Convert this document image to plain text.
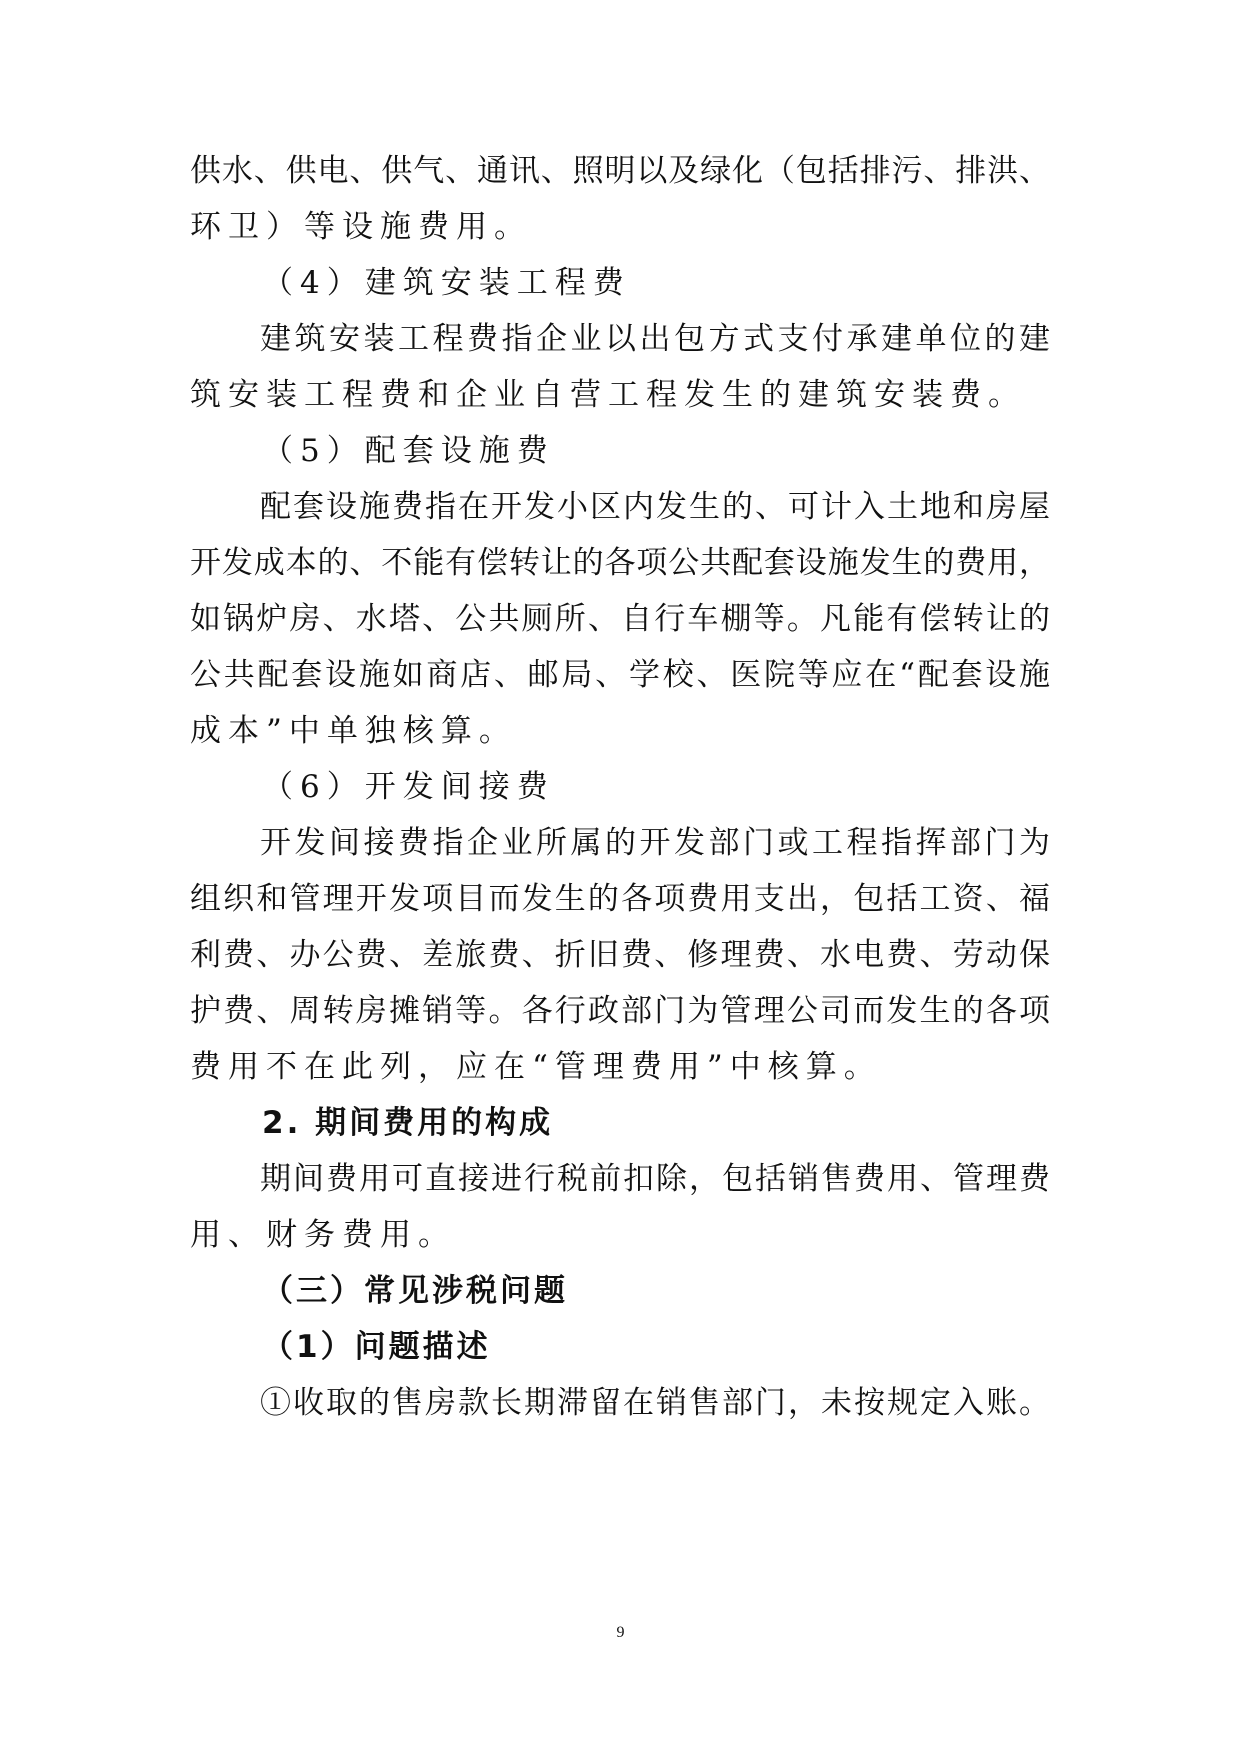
供水、供电、供气、通讯、照明以及绿化（包括排污、排洪、
环卫）等设施费用。
（4）建筑安装工程费
建筑安装工程费指企业以出包方式支付承建单位的建
筑安装工程费和企业自营工程发生的建筑安装费。
（5）配套设施费
配套设施费指在开发小区内发生的、可计入土地和房屋
开发成本的、不能有偿转让的各项公共配套设施发生的费用，
如锅炉房、水塔、公共厕所、自行车棚等。凡能有偿转让的
公共配套设施如商店、邮局、学校、医院等应在“配套设施
成本”中单独核算。
（6）开发间接费
开发间接费指企业所属的开发部门或工程指挥部门为
组织和管理开发项目而发生的各项费用支出，包括工资、福
利费、办公费、差旅费、折旧费、修理费、水电费、劳动保
护费、周转房摊销等。各行政部门为管理公司而发生的各项
费用不在此列，应在“管理费用”中核算。
2. 期间费用的构成
期间费用可直接进行税前扣除，包括销售费用、管理费
用、财务费用。
（三）常见涉税问题
（1）问题描述
①收取的售房款长期滞留在销售部门，未按规定入账。
9
